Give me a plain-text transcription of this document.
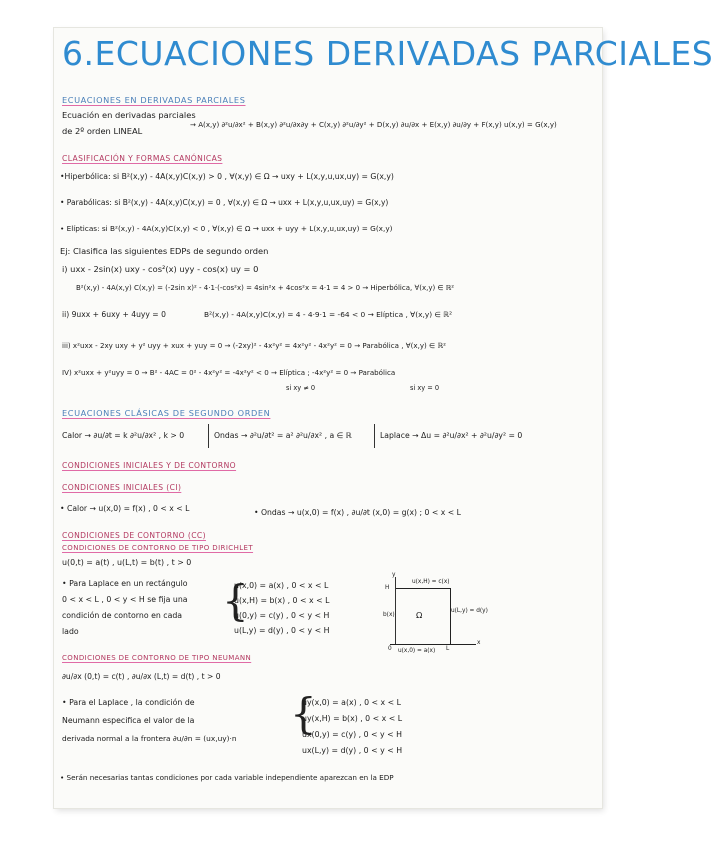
6.ECUACIONES DERIVADAS PARCIALES
ECUACIONES EN DERIVADAS PARCIALES
Ecuación en derivadas parciales
de 2º orden LINEAL
→ A(x,y) ∂²u/∂x² + B(x,y) ∂²u/∂x∂y + C(x,y) ∂²u/∂y² + D(x,y) ∂u/∂x + E(x,y) ∂u/∂y + F(x,y) u(x,y) = G(x,y)
CLASIFICACIÓN Y FORMAS CANÓNICAS
•Hiperbólica: si B²(x,y) - 4A(x,y)C(x,y) > 0 , ∀(x,y) ∈ Ω → uxy + L(x,y,u,ux,uy) = G(x,y)
• Parabólicas: si B²(x,y) - 4A(x,y)C(x,y) = 0 , ∀(x,y) ∈ Ω → uxx + L(x,y,u,ux,uy) = G(x,y)
• Elípticas: si B²(x,y) - 4A(x,y)C(x,y) < 0 , ∀(x,y) ∈ Ω → uxx + uyy + L(x,y,u,ux,uy) = G(x,y)
Ej: Clasifica las siguientes EDPs de segundo orden
i) uxx - 2sin(x) uxy - cos²(x) uyy - cos(x) uy = 0
B²(x,y) - 4A(x,y) C(x,y) = (-2sin x)² - 4·1·(-cos²x) = 4sin²x + 4cos²x = 4·1 = 4 > 0 → Hiperbólica, ∀(x,y) ∈ ℝ²
ii) 9uxx + 6uxy + 4uyy = 0	B²(x,y) - 4A(x,y)C(x,y) = 4 - 4·9·1 = -64 < 0 → Elíptica , ∀(x,y) ∈ ℝ²
iii) x²uxx - 2xy uxy + y² uyy + xux + yuy = 0 → (-2xy)² - 4x²y² = 4x²y² - 4x²y² = 0 → Parabólica , ∀(x,y) ∈ ℝ²
IV) x²uxx + y²uyy = 0 → B² - 4AC = 0² - 4x²y² = -4x²y² < 0 → Elíptica ; -4x²y² = 0 → Parabólica
si xy ≠ 0	si xy = 0
ECUACIONES CLÁSICAS DE SEGUNDO ORDEN
Calor → ∂u/∂t = k ∂²u/∂x² , k > 0	Ondas → ∂²u/∂t² = a² ∂²u/∂x² , a ∈ ℝ	Laplace → Δu = ∂²u/∂x² + ∂²u/∂y² = 0
CONDICIONES INICIALES Y DE CONTORNO
CONDICIONES INICIALES (CI)
• Calor → u(x,0) = f(x) , 0 < x < L	• Ondas → u(x,0) = f(x) , ∂u/∂t (x,0) = g(x) ; 0 < x < L
CONDICIONES DE CONTORNO (CC)
CONDICIONES DE CONTORNO DE TIPO DIRICHLET
u(0,t) = a(t) , u(L,t) = b(t) , t > 0
• Para Laplace en un rectángulo
0 < x < L , 0 < y < H se fija una
condición de contorno en cada
lado
{
u(x,0) = a(x) , 0 < x < L
u(x,H) = b(x) , 0 < x < L
u(0,y) = c(y) , 0 < y < H
u(L,y) = d(y) , 0 < y < H
y
x
u(x,H) = c(x)
b(x)
u(L,y) = d(y)
u(x,0) = a(x)
Ω
H
L
0
CONDICIONES DE CONTORNO DE TIPO NEUMANN
∂u/∂x (0,t) = c(t) , ∂u/∂x (L,t) = d(t) , t > 0
• Para el Laplace , la condición de
Neumann especifica el valor de la
derivada normal a la frontera ∂u/∂n = (ux,uy)·n
{
uy(x,0) = a(x) , 0 < x < L
uy(x,H) = b(x) , 0 < x < L
ux(0,y) = c(y) , 0 < y < H
ux(L,y) = d(y) , 0 < y < H
• Serán necesarias tantas condiciones por cada variable independiente aparezcan en la EDP
